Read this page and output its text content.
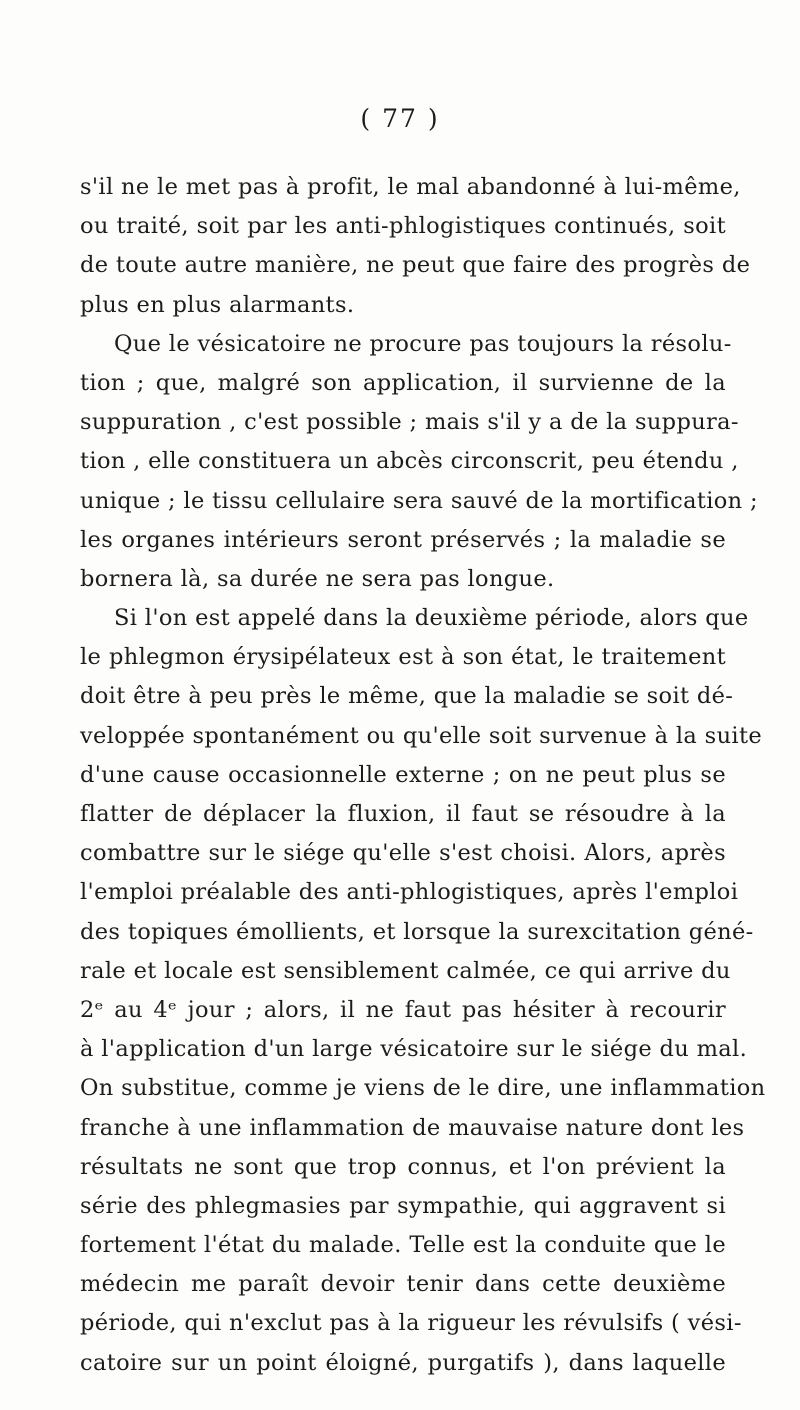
( 77 )
s'il ne le met pas à profit, le mal abandonné à lui-même,
ou traité, soit par les anti-phlogistiques continués, soit
de toute autre manière, ne peut que faire des progrès de
plus en plus alarmants.
Que le vésicatoire ne procure pas toujours la résolu-
tion ; que, malgré son application, il survienne de la
suppuration , c'est possible ; mais s'il y a de la suppura-
tion , elle constituera un abcès circonscrit, peu étendu ,
unique ; le tissu cellulaire sera sauvé de la mortification ;
les organes intérieurs seront préservés ; la maladie se
bornera là, sa durée ne sera pas longue.
Si l'on est appelé dans la deuxième période, alors que
le phlegmon érysipélateux est à son état, le traitement
doit être à peu près le même, que la maladie se soit dé-
veloppée spontanément ou qu'elle soit survenue à la suite
d'une cause occasionnelle externe ; on ne peut plus se
flatter de déplacer la fluxion, il faut se résoudre à la
combattre sur le siége qu'elle s'est choisi. Alors, après
l'emploi préalable des anti-phlogistiques, après l'emploi
des topiques émollients, et lorsque la surexcitation géné-
rale et locale est sensiblement calmée, ce qui arrive du
2ᵉ au 4ᵉ jour ; alors, il ne faut pas hésiter à recourir
à l'application d'un large vésicatoire sur le siége du mal.
On substitue, comme je viens de le dire, une inflammation
franche à une inflammation de mauvaise nature dont les
résultats ne sont que trop connus, et l'on prévient la
série des phlegmasies par sympathie, qui aggravent si
fortement l'état du malade. Telle est la conduite que le
médecin me paraît devoir tenir dans cette deuxième
période, qui n'exclut pas à la rigueur les révulsifs ( vési-
catoire sur un point éloigné, purgatifs ), dans laquelle
